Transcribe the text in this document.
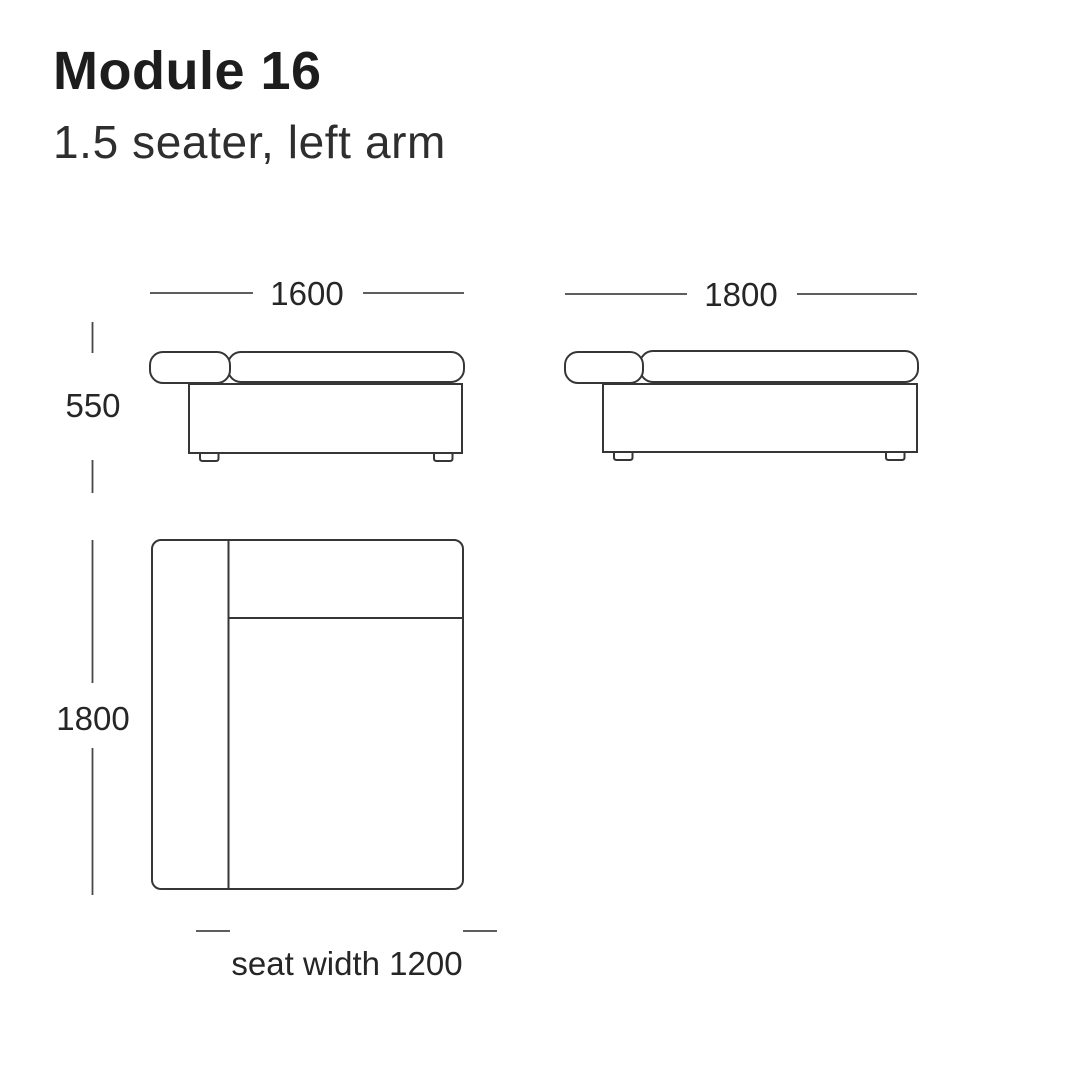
Module 16
1.5 seater, left arm
1600	1800
550
1800
seat width 1200
